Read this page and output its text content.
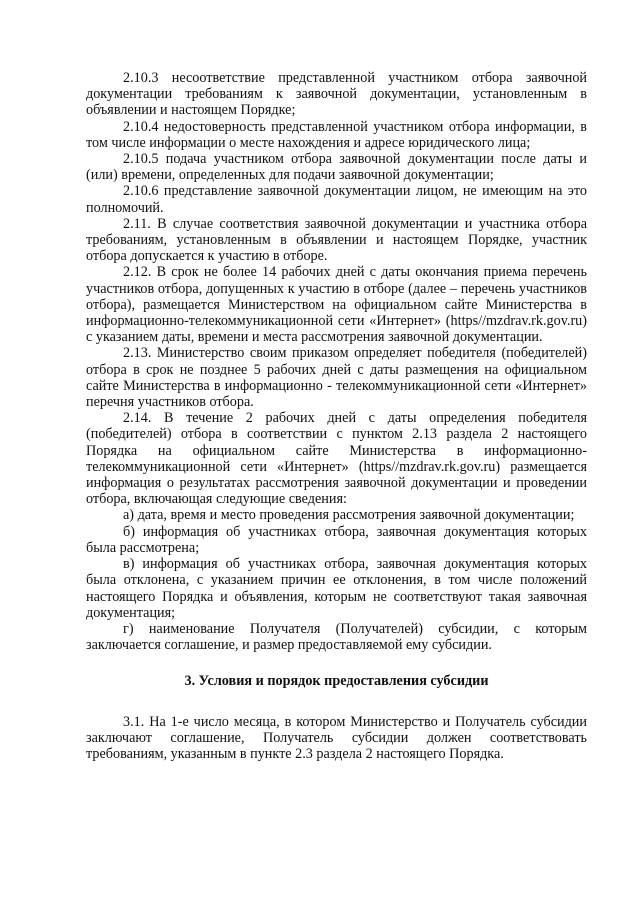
2.10.3 несоответствие представленной участником отбора заявочной документации требованиям к заявочной документации, установленным в объявлении и настоящем Порядке;

2.10.4 недостоверность представленной участником отбора информации, в том числе информации о месте нахождения и адресе юридического лица;

2.10.5 подача участником отбора заявочной документации после даты и (или) времени, определенных для подачи заявочной документации;

2.10.6 представление заявочной документации лицом, не имеющим на это полномочий.

2.11. В случае соответствия заявочной документации и участника отбора требованиям, установленным в объявлении и настоящем Порядке, участник отбора допускается к участию в отборе.

2.12. В срок не более 14 рабочих дней с даты окончания приема перечень участников отбора, допущенных к участию в отборе (далее – перечень участников отбора), размещается Министерством на официальном сайте Министерства в информационно-телекоммуникационной сети «Интернет» (https//mzdrav.rk.gov.ru) с указанием даты, времени и места рассмотрения заявочной документации.

2.13. Министерство своим приказом определяет победителя (победителей) отбора в срок не позднее 5 рабочих дней с даты размещения на официальном сайте Министерства в информационно - телекоммуникационной сети «Интернет» перечня участников отбора.

2.14. В течение 2 рабочих дней с даты определения победителя (победителей) отбора в соответствии с пунктом 2.13 раздела 2 настоящего Порядка на официальном сайте Министерства в информационно-телекоммуникационной сети «Интернет» (https//mzdrav.rk.gov.ru) размещается информация о результатах рассмотрения заявочной документации и проведении отбора, включающая следующие сведения:

а) дата, время и место проведения рассмотрения заявочной документации;

б) информация об участниках отбора, заявочная документация которых была рассмотрена;

в) информация об участниках отбора, заявочная документация которых была отклонена, с указанием причин ее отклонения, в том числе положений настоящего Порядка и объявления, которым не соответствуют такая заявочная документация;

г) наименование Получателя (Получателей) субсидии, с которым заключается соглашение, и размер предоставляемой ему субсидии.

3. Условия и порядок предоставления субсидии

3.1. На 1-е число месяца, в котором Министерство и Получатель субсидии заключают соглашение, Получатель субсидии должен соответствовать требованиям, указанным в пункте 2.3 раздела 2 настоящего Порядка.
